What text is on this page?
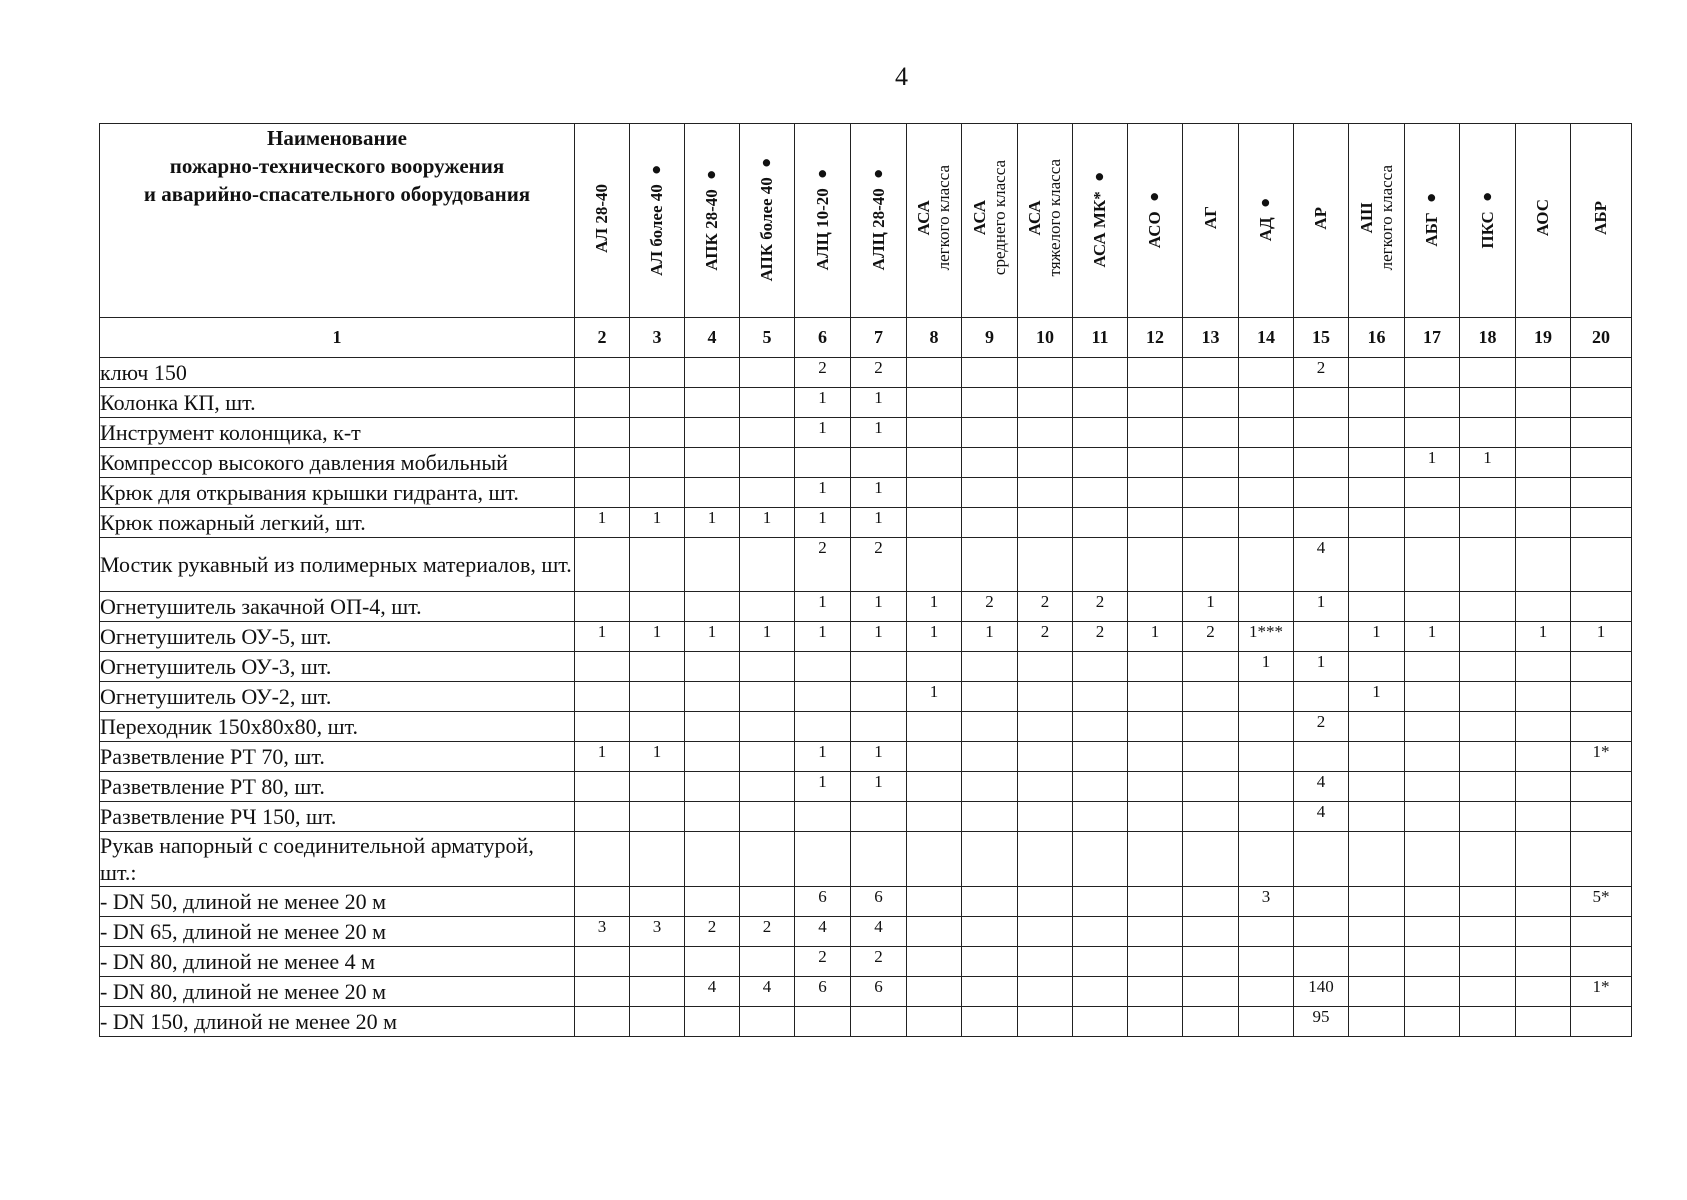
4
Наименование
пожарно-технического вооружения
и аварийно-спасательного оборудования	АЛ 28-40	АЛ более 40 ●	АПК 28-40 ●	АПК более 40 ●	АЛЦ 10-20 ●	АЛЦ 28-40 ●	АСА легкого класса	АСА среднего класса	АСА тяжелого класса	АСА МК* ●	АСО ●	АГ	АД ●	АР	АШ легкого класса	АБГ ●	ПКС ●	АОС	АБР

1	2	3	4	5	6	7	8	9	10	11	12	13	14	15	16	17	18	19	20
ключ 150					2	2								2					
Колонка КП, шт.					1	1													
Инструмент колонщика, к-т					1	1													
Компрессор высокого давления мобильный																1	1		
Крюк для открывания крышки гидранта, шт.					1	1													
Крюк пожарный легкий, шт.	1	1	1	1	1	1													
Мостик рукавный из полимерных материалов, шт.					2	2								4					
Огнетушитель закачной ОП-4, шт.					1	1	1	2	2	2		1		1					
Огнетушитель ОУ-5, шт.	1	1	1	1	1	1	1	1	2	2	1	2	1***		1	1		1	1
Огнетушитель ОУ-3, шт.													1	1					
Огнетушитель ОУ-2, шт.							1								1				
Переходник 150х80х80, шт.														2					
Разветвление РТ 70, шт.	1	1			1	1													1*
Разветвление РТ 80, шт.					1	1								4					
Разветвление РЧ 150, шт.														4					
Рукав напорный с соединительной арматурой, шт.:																			
- DN 50, длиной не менее 20 м					6	6							3						5*
- DN 65, длиной не менее 20 м	3	3	2	2	4	4													
- DN 80, длиной не менее 4 м					2	2													
- DN 80, длиной не менее 20 м			4	4	6	6								140					1*
- DN 150, длиной не менее 20 м														95					
